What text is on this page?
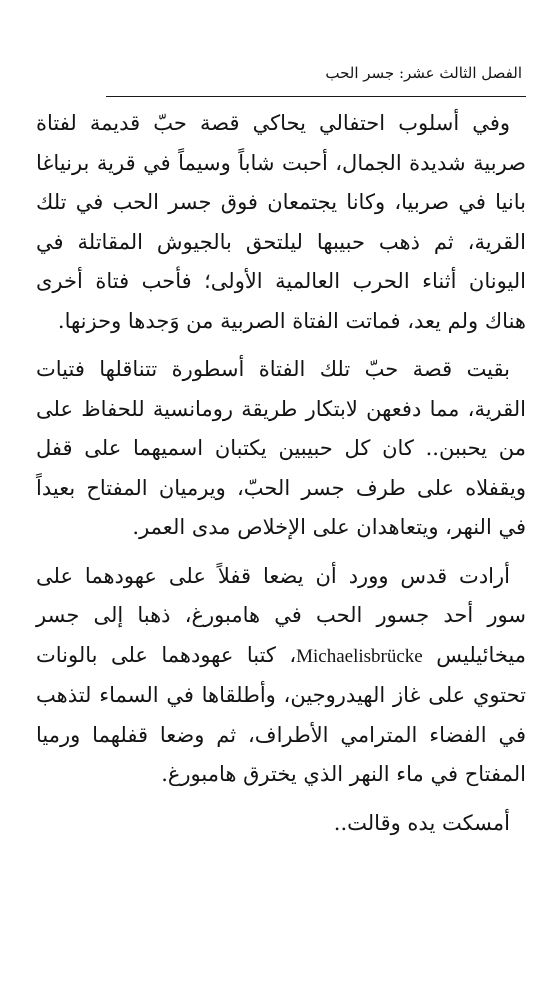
الفصل الثالث عشر: جسر الحب

وفي أسلوب احتفالي يحاكي قصة حبّ قديمة لفتاة صربية شديدة الجمال، أحبت شاباً وسيماً في قرية برنياغا بانيا في صربيا، وكانا يجتمعان فوق جسر الحب في تلك القرية، ثم ذهب حبيبها ليلتحق بالجيوش المقاتلة في اليونان أثناء الحرب العالمية الأولى؛ فأحب فتاة أخرى هناك ولم يعد، فماتت الفتاة الصربية من وَجدها وحزنها.

بقيت قصة حبّ تلك الفتاة أسطورة تتناقلها فتيات القرية، مما دفعهن لابتكار طريقة رومانسية للحفاظ على من يحببن.. كان كل حبيبين يكتبان اسميهما على قفل ويقفلاه على طرف جسر الحبّ، ويرميان المفتاح بعيداً في النهر، ويتعاهدان على الإخلاص مدى العمر.

أرادت قدس وورد أن يضعا قفلاً على عهودهما على سور أحد جسور الحب في هامبورغ، ذهبا إلى جسر ميخائيليس Michaelisbrücke، كتبا عهودهما على بالونات تحتوي على غاز الهيدروجين، وأطلقاها في السماء لتذهب في الفضاء المترامي الأطراف، ثم وضعا قفلهما ورميا المفتاح في ماء النهر الذي يخترق هامبورغ.

أمسكت يده وقالت..
